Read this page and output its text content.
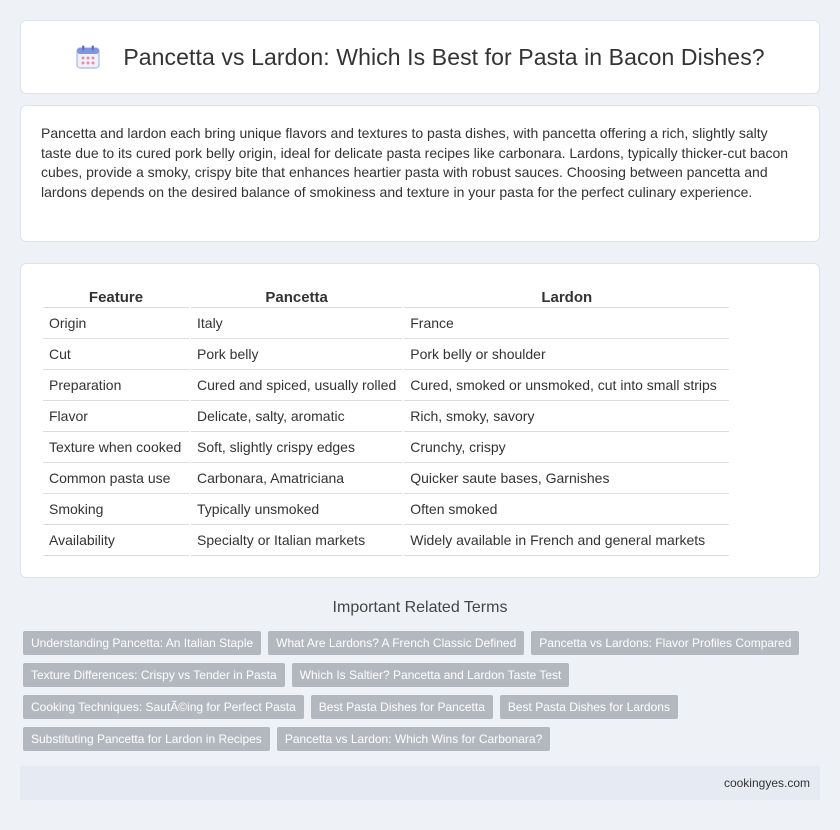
Pancetta vs Lardon: Which Is Best for Pasta in Bacon Dishes?

Pancetta and lardon each bring unique flavors and textures to pasta dishes, with pancetta offering a rich, slightly salty taste due to its cured pork belly origin, ideal for delicate pasta recipes like carbonara. Lardons, typically thicker-cut bacon cubes, provide a smoky, crispy bite that enhances heartier pasta with robust sauces. Choosing between pancetta and lardons depends on the desired balance of smokiness and texture in your pasta for the perfect culinary experience.

Feature	Pancetta	Lardon
Origin	Italy	France
Cut	Pork belly	Pork belly or shoulder
Preparation	Cured and spiced, usually rolled	Cured, smoked or unsmoked, cut into small strips
Flavor	Delicate, salty, aromatic	Rich, smoky, savory
Texture when cooked	Soft, slightly crispy edges	Crunchy, crispy
Common pasta use	Carbonara, Amatriciana	Quicker saute bases, Garnishes
Smoking	Typically unsmoked	Often smoked
Availability	Specialty or Italian markets	Widely available in French and general markets
Important Related Terms
Understanding Pancetta: An Italian Staple	What Are Lardons? A French Classic Defined	Pancetta vs Lardons: Flavor Profiles Compared
Texture Differences: Crispy vs Tender in Pasta	Which Is Saltier? Pancetta and Lardon Taste Test
Cooking Techniques: SautÃ©ing for Perfect Pasta	Best Pasta Dishes for Pancetta	Best Pasta Dishes for Lardons
Substituting Pancetta for Lardon in Recipes	Pancetta vs Lardon: Which Wins for Carbonara?
cookingyes.com
